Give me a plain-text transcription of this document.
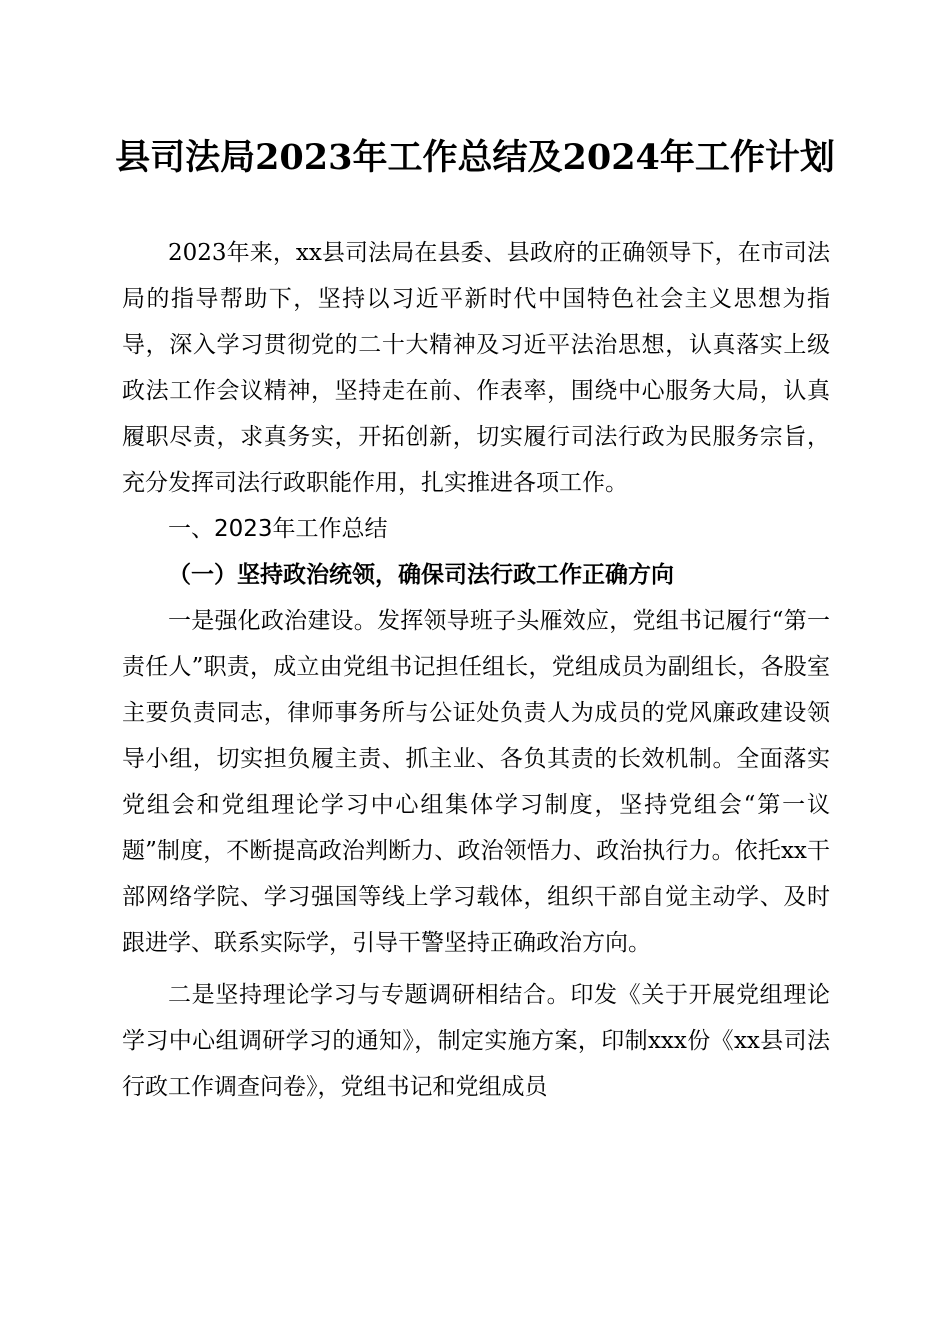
县司法局2023年工作总结及2024年工作计划

2023年来，xx县司法局在县委、县政府的正确领导下，在市司法局的指导帮助下，坚持以习近平新时代中国特色社会主义思想为指导，深入学习贯彻党的二十大精神及习近平法治思想，认真落实上级政法工作会议精神，坚持走在前、作表率，围绕中心服务大局，认真履职尽责，求真务实，开拓创新，切实履行司法行政为民服务宗旨，充分发挥司法行政职能作用，扎实推进各项工作。

一、2023年工作总结

（一）坚持政治统领，确保司法行政工作正确方向

一是强化政治建设。发挥领导班子头雁效应，党组书记履行“第一责任人”职责，成立由党组书记担任组长，党组成员为副组长，各股室主要负责同志，律师事务所与公证处负责人为成员的党风廉政建设领导小组，切实担负履主责、抓主业、各负其责的长效机制。全面落实党组会和党组理论学习中心组集体学习制度，坚持党组会“第一议题”制度，不断提高政治判断力、政治领悟力、政治执行力。依托xx干部网络学院、学习强国等线上学习载体，组织干部自觉主动学、及时跟进学、联系实际学，引导干警坚持正确政治方向。

二是坚持理论学习与专题调研相结合。印发《关于开展党组理论学习中心组调研学习的通知》，制定实施方案，印制xxx份《xx县司法行政工作调查问卷》，党组书记和党组成员
